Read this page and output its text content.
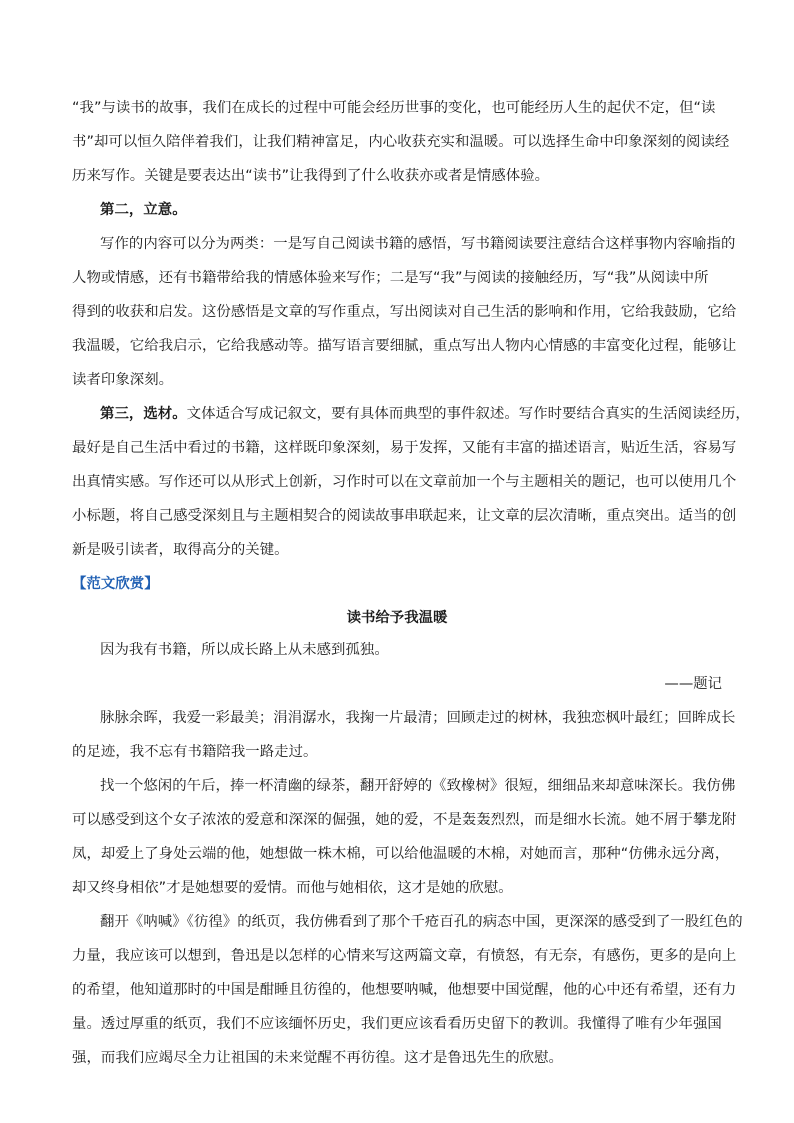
“我”与读书的故事，我们在成长的过程中可能会经历世事的变化，也可能经历人生的起伏不定，但“读
书”却可以恒久陪伴着我们，让我们精神富足，内心收获充实和温暖。可以选择生命中印象深刻的阅读经
历来写作。关键是要表达出“读书”让我得到了什么收获亦或者是情感体验。
第二，立意。
写作的内容可以分为两类：一是写自己阅读书籍的感悟，写书籍阅读要注意结合这样事物内容喻指的
人物或情感，还有书籍带给我的情感体验来写作；二是写“我”与阅读的接触经历，写“我”从阅读中所
得到的收获和启发。这份感悟是文章的写作重点，写出阅读对自己生活的影响和作用，它给我鼓励，它给
我温暖，它给我启示，它给我感动等。描写语言要细腻，重点写出人物内心情感的丰富变化过程，能够让
读者印象深刻。
第三，选材。文体适合写成记叙文，要有具体而典型的事件叙述。写作时要结合真实的生活阅读经历，
最好是自己生活中看过的书籍，这样既印象深刻，易于发挥，又能有丰富的描述语言，贴近生活，容易写
出真情实感。写作还可以从形式上创新，习作时可以在文章前加一个与主题相关的题记，也可以使用几个
小标题，将自己感受深刻且与主题相契合的阅读故事串联起来，让文章的层次清晰，重点突出。适当的创
新是吸引读者，取得高分的关键。
【范文欣赏】
读书给予我温暖
因为我有书籍，所以成长路上从未感到孤独。
——题记
脉脉余晖，我爱一彩最美；涓涓潺水，我掬一片最清；回顾走过的树林，我独恋枫叶最红；回眸成长
的足迹，我不忘有书籍陪我一路走过。
找一个悠闲的午后，捧一杯清幽的绿茶，翻开舒婷的《致橡树》很短，细细品来却意味深长。我仿佛
可以感受到这个女子浓浓的爱意和深深的倔强，她的爱，不是轰轰烈烈，而是细水长流。她不屑于攀龙附
凤，却爱上了身处云端的他，她想做一株木棉，可以给他温暖的木棉，对她而言，那种“仿佛永远分离，
却又终身相依”才是她想要的爱情。而他与她相依，这才是她的欣慰。
翻开《呐喊》《彷徨》的纸页，我仿佛看到了那个千疮百孔的病态中国，更深深的感受到了一股红色的
力量，我应该可以想到，鲁迅是以怎样的心情来写这两篇文章，有愤怒，有无奈，有感伤，更多的是向上
的希望，他知道那时的中国是酣睡且彷徨的，他想要呐喊，他想要中国觉醒，他的心中还有希望，还有力
量。透过厚重的纸页，我们不应该缅怀历史，我们更应该看看历史留下的教训。我懂得了唯有少年强国
强，而我们应竭尽全力让祖国的未来觉醒不再彷徨。这才是鲁迅先生的欣慰。
